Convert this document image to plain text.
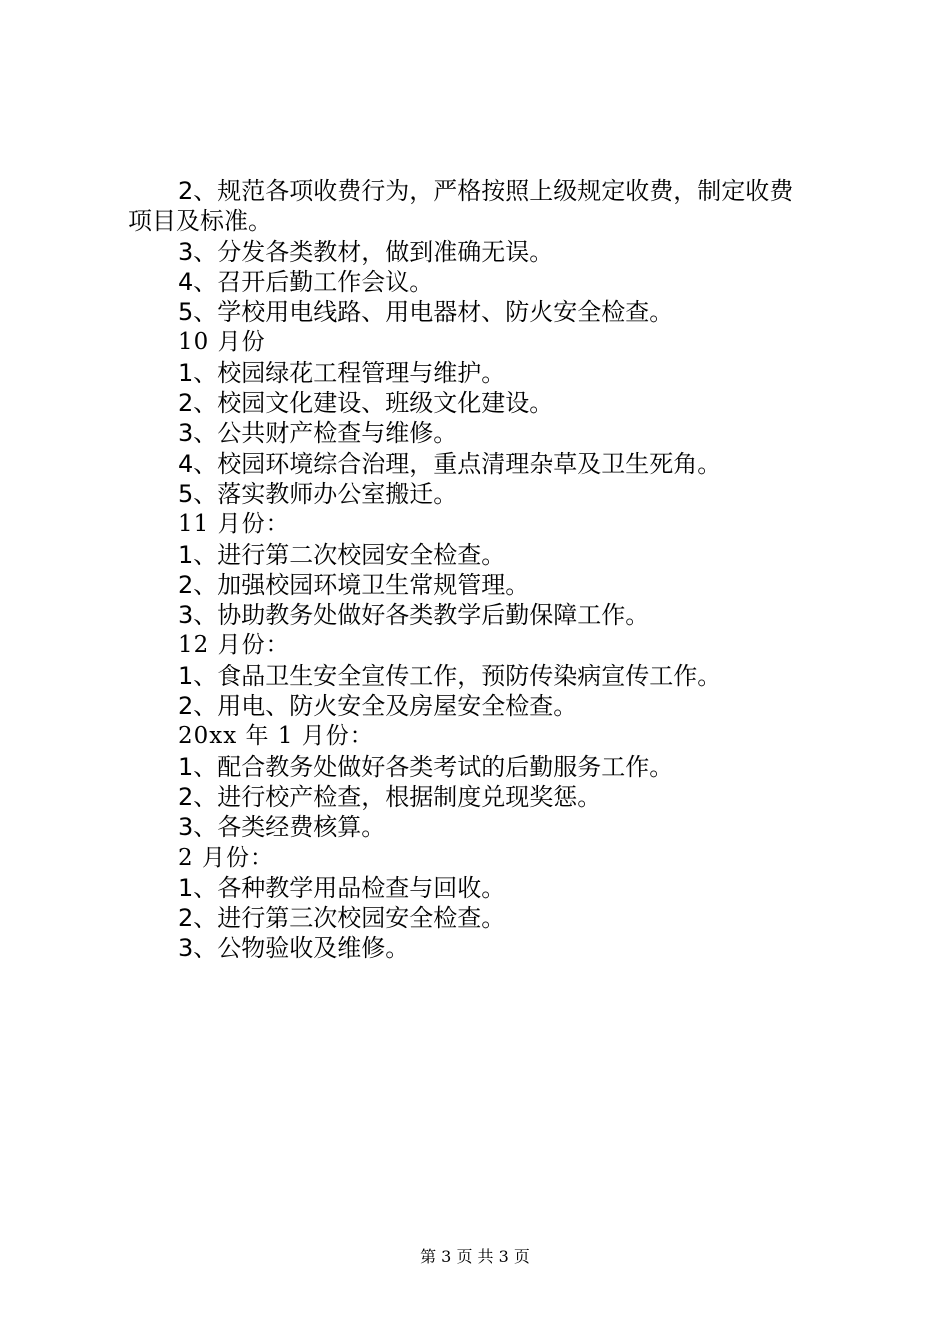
2、规范各项收费行为，严格按照上级规定收费，制定收费
项目及标准。
3、分发各类教材，做到准确无误。
4、召开后勤工作会议。
5、学校用电线路、用电器材、防火安全检查。
10 月份
1、校园绿花工程管理与维护。
2、校园文化建设、班级文化建设。
3、公共财产检查与维修。
4、校园环境综合治理，重点清理杂草及卫生死角。
5、落实教师办公室搬迁。
11 月份：
1、进行第二次校园安全检查。
2、加强校园环境卫生常规管理。
3、协助教务处做好各类教学后勤保障工作。
12 月份：
1、食品卫生安全宣传工作，预防传染病宣传工作。
2、用电、防火安全及房屋安全检查。
20xx 年 1 月份：
1、配合教务处做好各类考试的后勤服务工作。
2、进行校产检查，根据制度兑现奖惩。
3、各类经费核算。
2 月份：
1、各种教学用品检查与回收。
2、进行第三次校园安全检查。
3、公物验收及维修。
第 3 页 共 3 页
